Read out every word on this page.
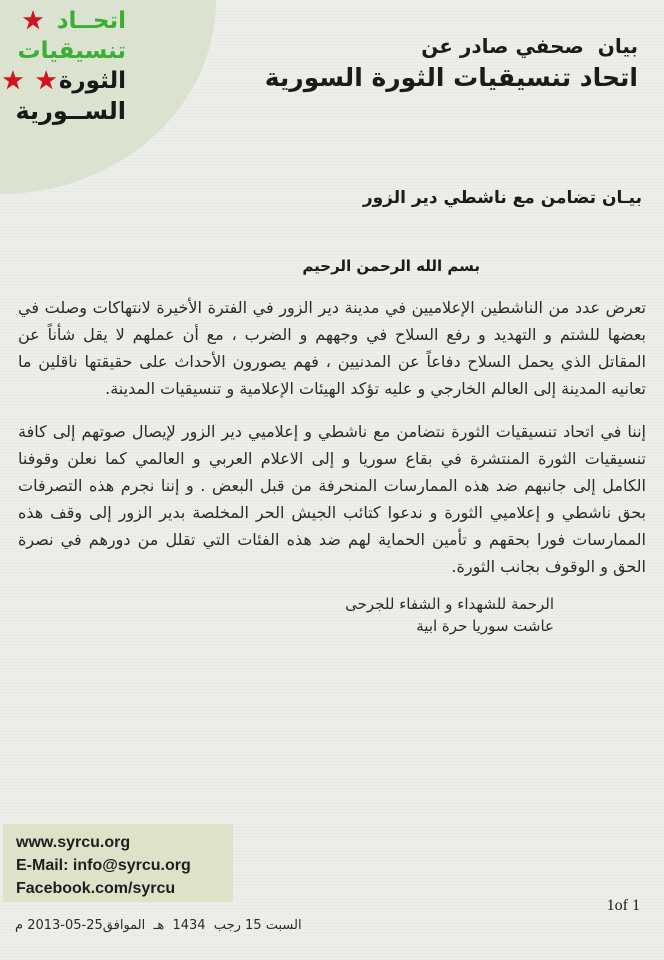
★ اتحــاد
تنسيقيات
★ ★ الثورة
الســورية
بيان  صحفي صادر عن
اتحاد تنسيقيات الثورة السورية
بيـان تضامن مع ناشطي دير الزور
بسم الله الرحمن الرحيم

تعرض عدد من الناشطين الإعلاميين في مدينة دير الزور في الفترة الأخيرة لانتهاكات وصلت في بعضها للشتم و التهديد و رفع السلاح في وجههم و الضرب ، مع أن عملهم لا يقل شأناً عن المقاتل الذي يحمل السلاح دفاعاً عن المدنيين ، فهم يصورون الأحداث على حقيقتها ناقلين ما تعانيه المدينة إلى العالم الخارجي و عليه تؤكد الهيئات الإعلامية و تنسيقيات المدينة.

إننا في اتحاد تنسيقيات الثورة نتضامن مع ناشطي و إعلاميي دير الزور لإيصال صوتهم إلى كافة تنسيقيات الثورة المنتشرة في بقاع سوريا و إلى الاعلام العربي و العالمي كما نعلن وقوفنا الكامل إلى جانبهم ضد هذه الممارسات المنحرفة من قبل البعض . و إننا نجرم هذه التصرفات بحق ناشطي و إعلاميي الثورة و ندعوا كتائب الجيش الحر المخلصة بدير الزور إلى وقف هذه الممارسات فورا بحقهم و تأمين الحماية لهم ضد هذه الفئات التي تقلل من دورهم في نصرة الحق و الوقوف بجانب الثورة.

الرحمة للشهداء و الشفاء للجرحى
عاشت سوريا حرة ابية
www.syrcu.org
E-Mail: info@syrcu.org
Facebook.com/syrcu
1of 1
السبت 15 رجب  1434  هـ  الموافق25-05-2013 م
